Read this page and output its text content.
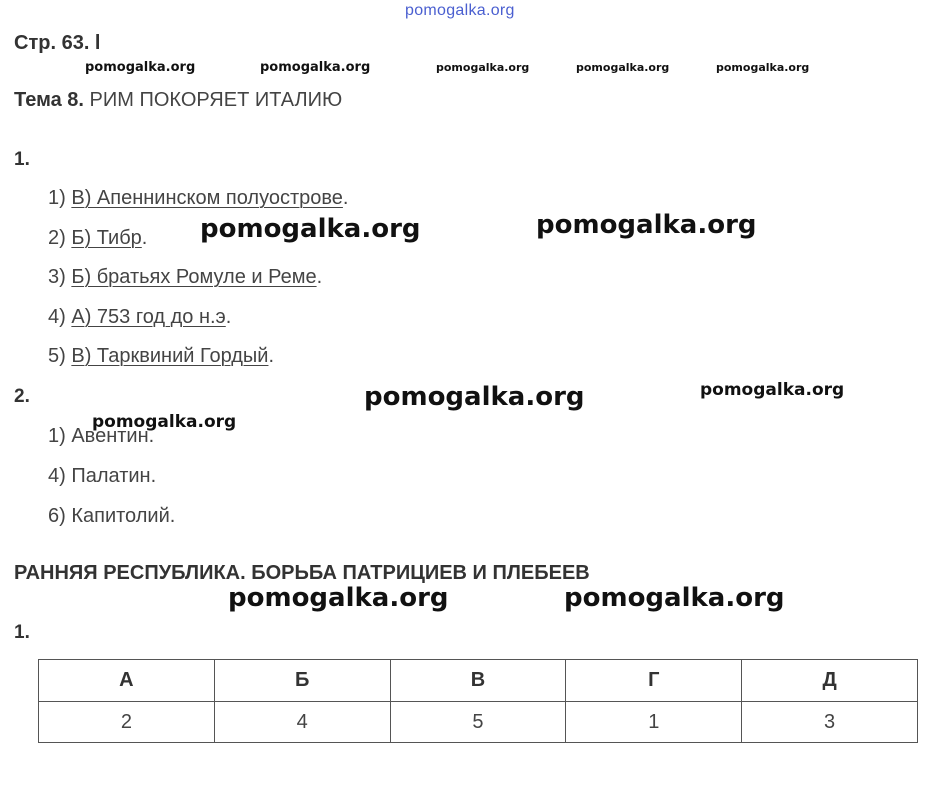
pomogalka.org
pomogalka.org	pomogalka.org	pomogalka.org	pomogalka.org	pomogalka.org
pomogalka.org	pomogalka.org
pomogalka.org	pomogalka.org
pomogalka.org
pomogalka.org	pomogalka.org
Стр. 63. l
Тема 8. РИМ ПОКОРЯЕТ ИТАЛИЮ
1.
1) В) Апеннинском полуострове.
2) Б) Тибр.
3) Б) братьях Ромуле и Реме.
4) А) 753 год до н.э.
5) В) Тарквиний Гордый.
2.
1) Авентин.
4) Палатин.
6) Капитолий.
РАННЯЯ РЕСПУБЛИКА. БОРЬБА ПАТРИЦИЕВ И ПЛЕБЕЕВ
1.
А	Б	В	Г	Д
2	4	5	1	3
